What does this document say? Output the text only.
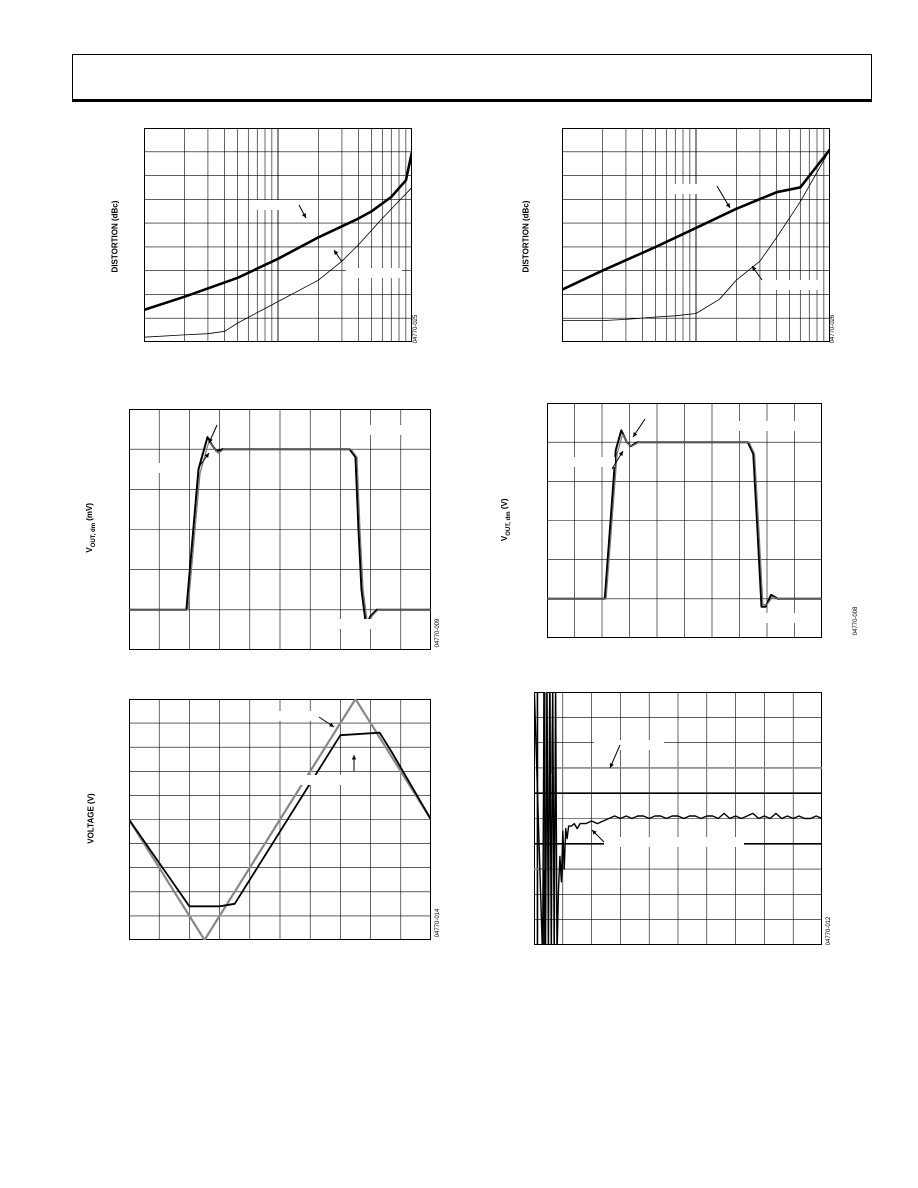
DISTORTION (dBc)
04770-025
DISTORTION (dBc)
04770-026
$V_{OUT, dm}$ (mV)
04770-009
$V_{OUT, dm}$ (V)
04770-008
VOLTAGE (V)
04770-014	04770-012
